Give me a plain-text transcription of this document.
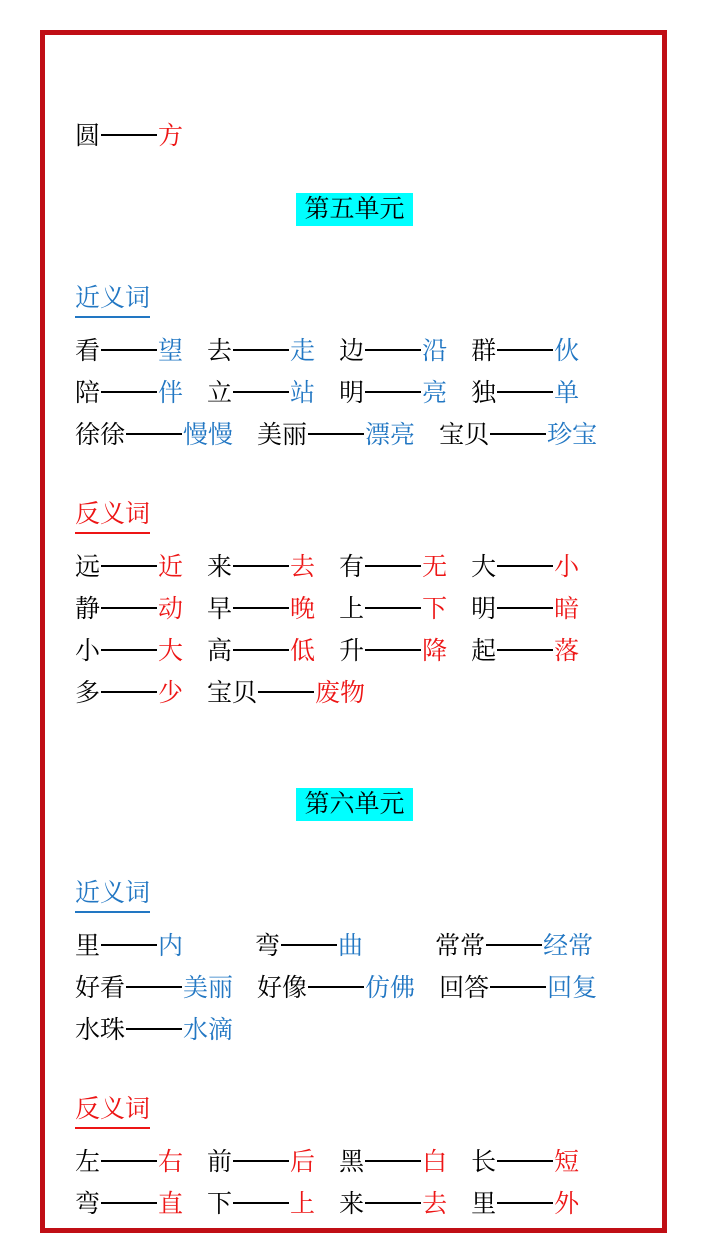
圆 方
第五单元
近义词
看 望 去 走 边 沿 群 伙
陪 伴 立 站 明 亮 独 单
徐徐 慢慢 美丽 漂亮 宝贝 珍宝
反义词
远 近 来 去 有 无 大 小
静 动 早 晚 上 下 明 暗
小 大 高 低 升 降 起 落
多 少 宝贝 废物
第六单元
近义词
里 内	弯 曲	常常 经常
好看 美丽 好像 仿佛 回答 回复
水珠 水滴
反义词
左 右 前 后 黑 白 长 短
弯 直 下 上 来 去 里 外
